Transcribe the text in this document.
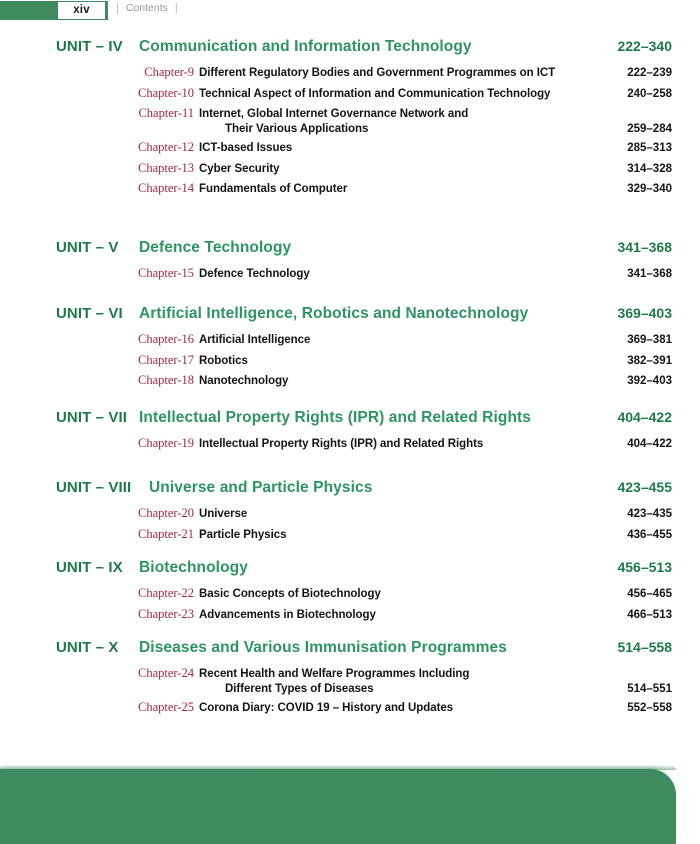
xiv | Contents |
UNIT – IV	Communication and Information Technology	222–340
Chapter-9 Different Regulatory Bodies and Government Programmes on ICT	222–239
Chapter-10 Technical Aspect of Information and Communication Technology	240–258
Chapter-11 Internet, Global Internet Governance Network and
Their Various Applications	259–284
Chapter-12 ICT-based Issues	285–313
Chapter-13 Cyber Security	314–328
Chapter-14 Fundamentals of Computer	329–340
UNIT – V	Defence Technology	341–368
Chapter-15 Defence Technology	341–368
UNIT – VI	Artificial Intelligence, Robotics and Nanotechnology	369–403
Chapter-16 Artificial Intelligence	369–381
Chapter-17 Robotics	382–391
Chapter-18 Nanotechnology	392–403
UNIT – VII Intellectual Property Rights (IPR) and Related Rights	404–422
Chapter-19 Intellectual Property Rights (IPR) and Related Rights	404–422
UNIT – VIII	Universe and Particle Physics	423–455
Chapter-20 Universe	423–435
Chapter-21 Particle Physics	436–455
UNIT – IX	Biotechnology	456–513
Chapter-22 Basic Concepts of Biotechnology	456–465
Chapter-23 Advancements in Biotechnology	466–513
UNIT – X	Diseases and Various Immunisation Programmes	514–558
Chapter-24 Recent Health and Welfare Programmes Including
Different Types of Diseases	514–551
Chapter-25 Corona Diary: COVID 19 – History and Updates	552–558
